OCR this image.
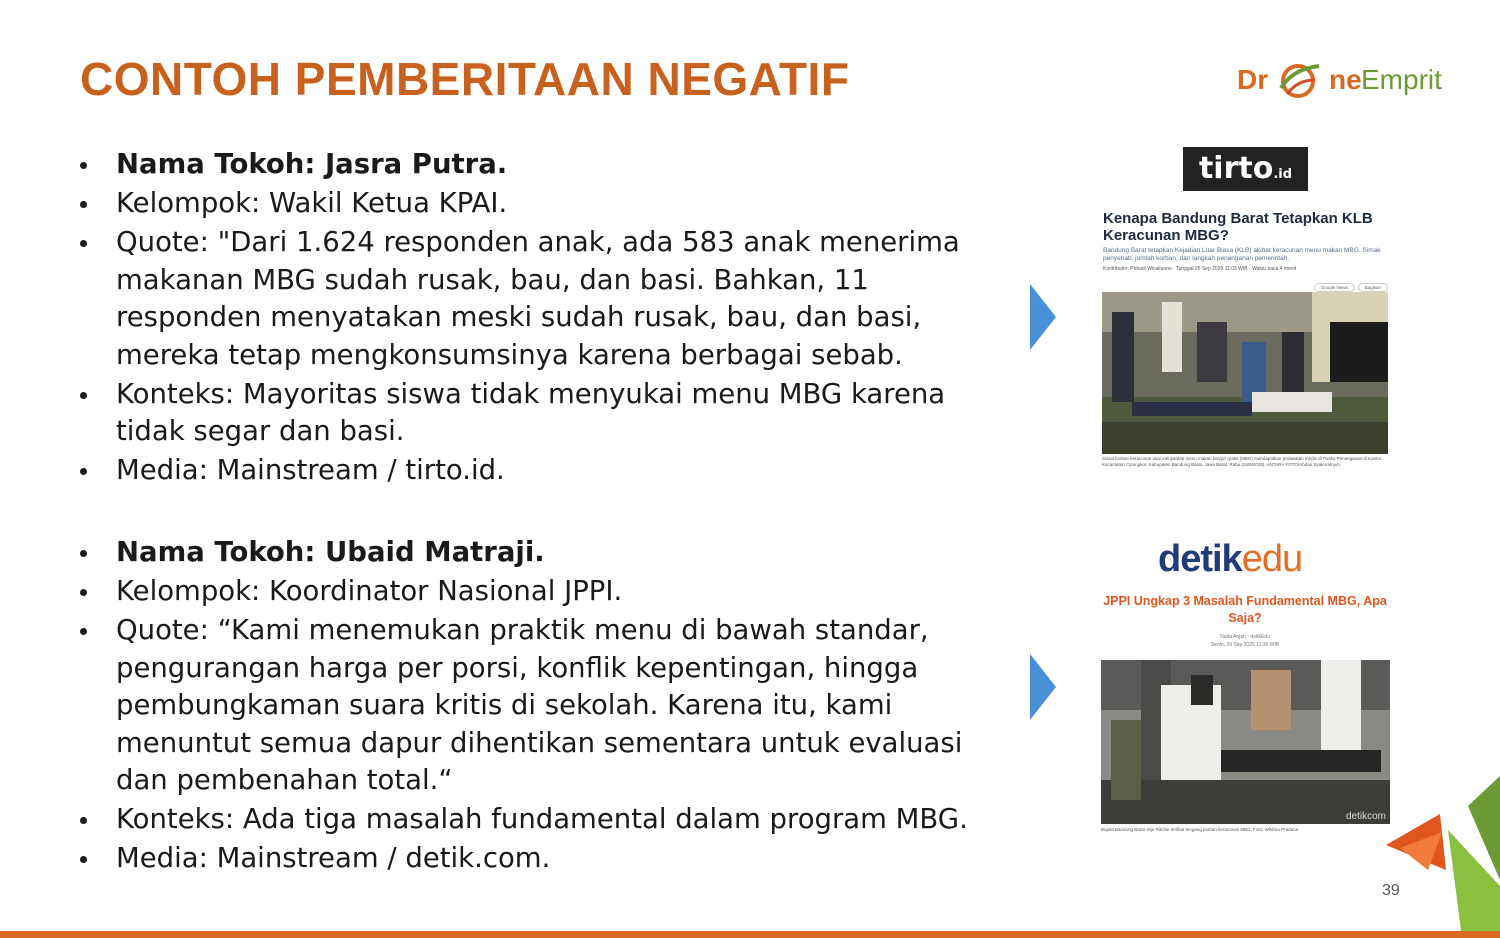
CONTOH PEMBERITAAN NEGATIF	Dr ne Emprit
Nama Tokoh: Jasra Putra.
Kelompok: Wakil Ketua KPAI.
Quote: "Dari 1.624 responden anak, ada 583 anak menerima makanan MBG sudah rusak, bau, dan basi. Bahkan, 11 responden menyatakan meski sudah rusak, bau, dan basi, mereka tetap mengkonsumsinya karena berbagai sebab.
Konteks: Mayoritas siswa tidak menyukai menu MBG karena tidak segar dan basi.
Media: Mainstream / tirto.id.
Nama Tokoh: Ubaid Matraji.
Kelompok: Koordinator Nasional JPPI.
Quote: “Kami menemukan praktik menu di bawah standar, pengurangan harga per porsi, konflik kepentingan, hingga pembungkaman suara kritis di sekolah. Karena itu, kami menuntut semua dapur dihentikan sementara untuk evaluasi dan pembenahan total.“
Konteks: Ada tiga masalah fundamental dalam program MBG.
Media: Mainstream / detik.com.
tirto.id
Kenapa Bandung Barat Tetapkan KLB Keracunan MBG?
Bandung Barat tetapkan Kejadian Luar Biasa (KLB) akibat keracunan menu makan MBG. Simak penyebab, jumlah korban, dan langkah penanganan pemerintah.
Kontributor: Pribadi Wicaksono · Tanggal 25 Sep 2025 11:03 WIB · Waktu baca 4 menit
Google News	Bagikan
Siswa korban keracunan usai menyantap menu makan bergizi gratis (MBG) mendapatkan perawatan medis di Posko Penanganan di Kantor Kecamatan Cipongkor, Kabupaten Bandung Barat, Jawa Barat, Rabu (24/9/2025). ANTARA FOTO/Abdan Syakura/nym.
detikedu
JPPI Ungkap 3 Masalah Fundamental MBG, Apa Saja?
Nada Anjah - detikEdu
Senin, 29 Sep 2025 11:30 WIB
detikcom
Bupati Bandung Barat Jeje Ritchie terlihat tengang korban keracunan MBG. Foto: Whibno Pradana
39
